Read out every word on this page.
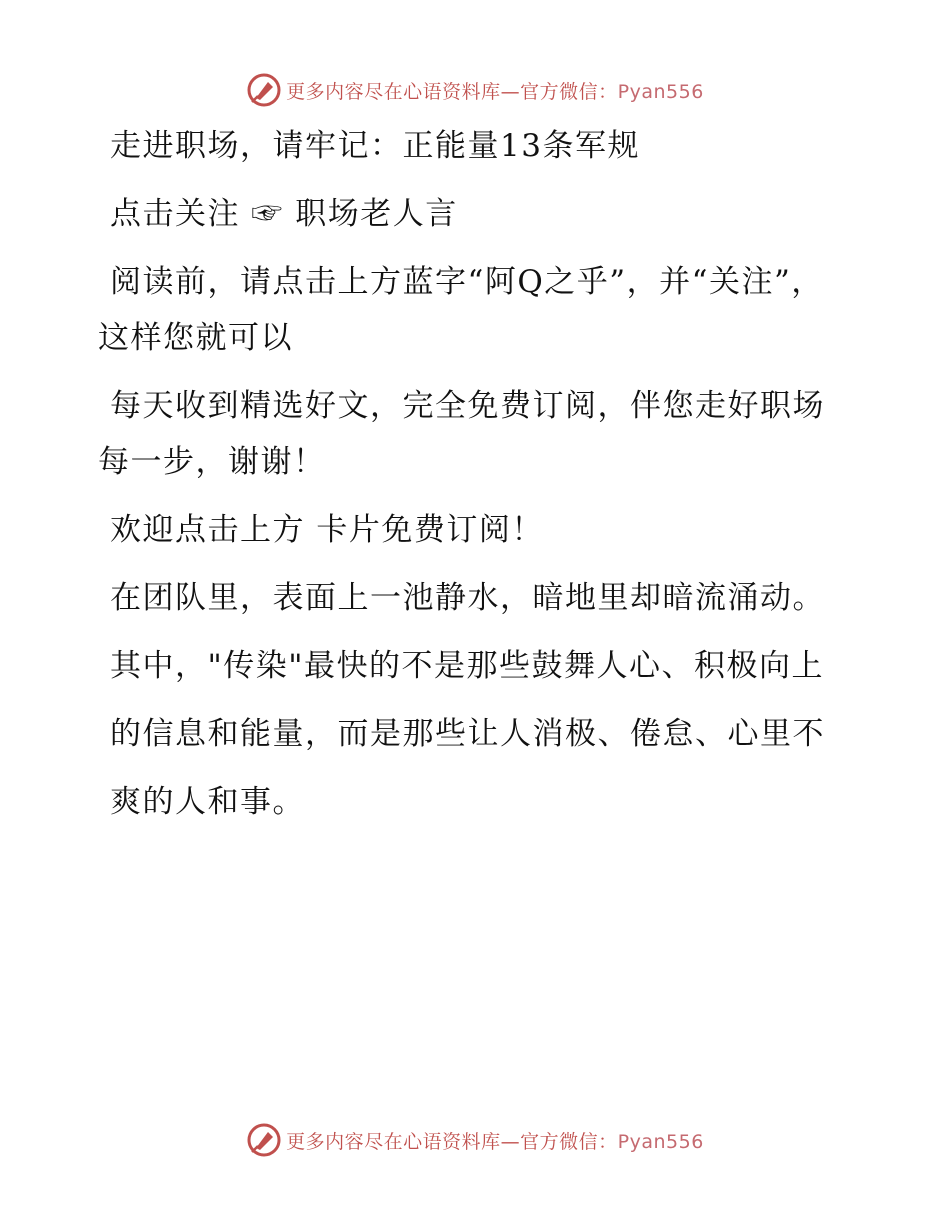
更多内容尽在心语资料库—官方微信：Pyan556

走进职场，请牢记：正能量13条军规

点击关注 ☞ 职场老人言

阅读前，请点击上方蓝字“阿Q之乎”，并“关注”，这样您就可以

每天收到精选好文，完全免费订阅，伴您走好职场每一步，谢谢！

欢迎点击上方 卡片免费订阅！

在团队里，表面上一池静水，暗地里却暗流涌动。

其中，"传染"最快的不是那些鼓舞人心、积极向上

的信息和能量，而是那些让人消极、倦怠、心里不

爽的人和事。

更多内容尽在心语资料库—官方微信：Pyan556
